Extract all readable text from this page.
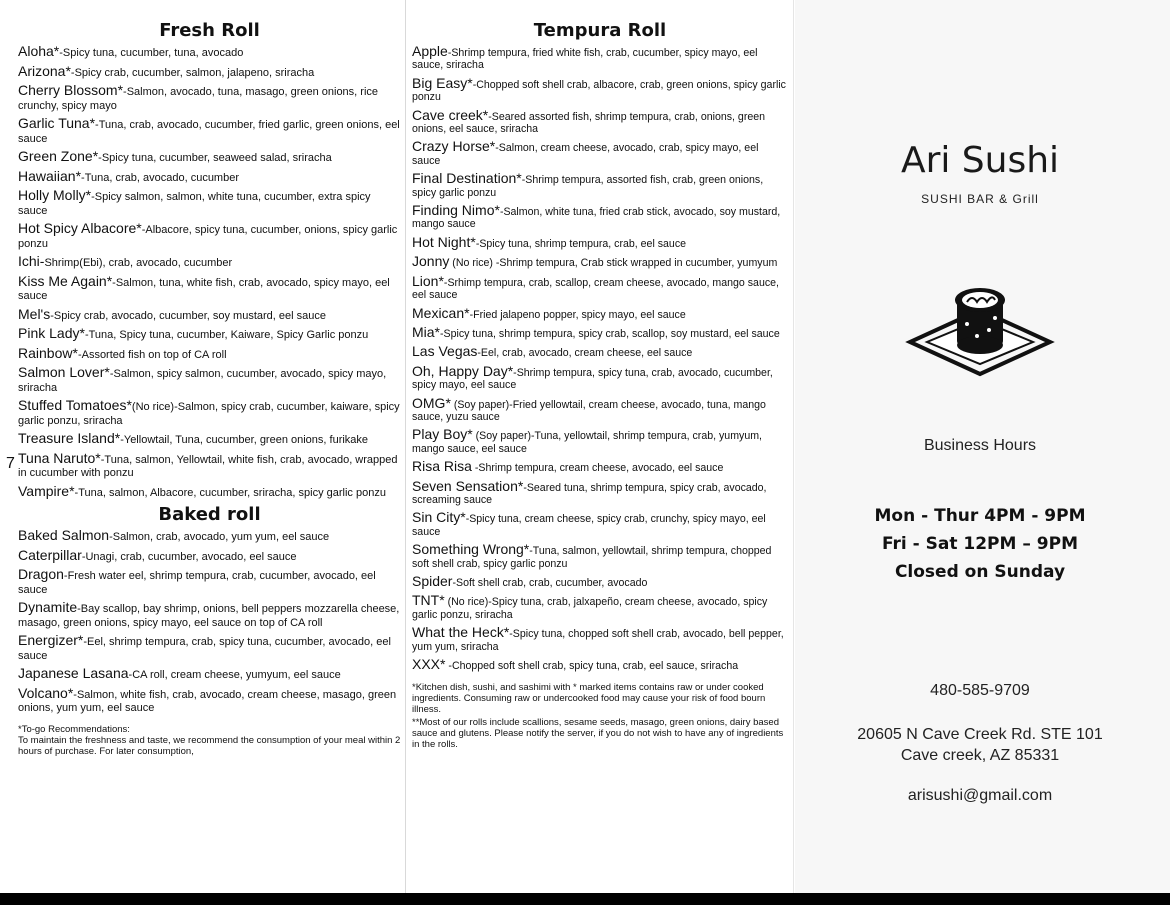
7
Fresh Roll
Aloha*-Spicy tuna, cucumber, tuna, avocado
Arizona*-Spicy crab, cucumber, salmon, jalapeno, sriracha
Cherry Blossom*-Salmon, avocado, tuna, masago, green onions, rice crunchy, spicy mayo
Garlic Tuna*-Tuna, crab, avocado, cucumber, fried garlic, green onions, eel sauce
Green Zone*-Spicy tuna, cucumber, seaweed salad, sriracha
Hawaiian*-Tuna, crab, avocado, cucumber
Holly Molly*-Spicy salmon, salmon, white tuna, cucumber, extra spicy sauce
Hot Spicy Albacore*-Albacore, spicy tuna, cucumber, onions, spicy garlic ponzu
Ichi-Shrimp(Ebi), crab, avocado, cucumber
Kiss Me Again*-Salmon, tuna, white fish, crab, avocado, spicy mayo, eel sauce
Mel's-Spicy crab, avocado, cucumber, soy mustard, eel sauce
Pink Lady*-Tuna, Spicy tuna, cucumber, Kaiware, Spicy Garlic ponzu
Rainbow*-Assorted fish on top of CA roll
Salmon Lover*-Salmon, spicy salmon, cucumber, avocado, spicy mayo, sriracha
Stuffed Tomatoes*(No rice)-Salmon, spicy crab, cucumber, kaiware, spicy garlic ponzu, sriracha
Treasure Island*-Yellowtail, Tuna, cucumber, green onions, furikake
Tuna Naruto*-Tuna, salmon, Yellowtail, white fish, crab, avocado, wrapped in cucumber with ponzu
Vampire*-Tuna, salmon, Albacore, cucumber, sriracha, spicy garlic ponzu
Baked roll
Baked Salmon-Salmon, crab, avocado, yum yum, eel sauce
Caterpillar-Unagi, crab, cucumber, avocado, eel sauce
Dragon-Fresh water eel, shrimp tempura, crab, cucumber, avocado, eel sauce
Dynamite-Bay scallop, bay shrimp, onions, bell peppers mozzarella cheese, masago, green onions, spicy mayo, eel sauce on top of CA roll
Energizer*-Eel, shrimp tempura, crab, spicy tuna, cucumber, avocado, eel sauce
Japanese Lasana-CA roll, cream cheese, yumyum, eel sauce
Volcano*-Salmon, white fish, crab, avocado, cream cheese, masago, green onions, yum yum, eel sauce

*To-go Recommendations:

To maintain the freshness and taste, we recommend the consumption of your meal within 2 hours of purchase. For later consumption,

Tempura Roll
Apple-Shrimp tempura, fried white fish, crab, cucumber, spicy mayo, eel sauce, sriracha
Big Easy*-Chopped soft shell crab, albacore, crab, green onions, spicy garlic ponzu
Cave creek*-Seared assorted fish, shrimp tempura, crab, onions, green onions, eel sauce, sriracha
Crazy Horse*-Salmon, cream cheese, avocado, crab, spicy mayo, eel sauce
Final Destination*-Shrimp tempura, assorted fish, crab, green onions, spicy garlic ponzu
Finding Nimo*-Salmon, white tuna, fried crab stick, avocado, soy mustard, mango sauce
Hot Night*-Spicy tuna, shrimp tempura, crab, eel sauce
Jonny (No rice) -Shrimp tempura, Crab stick wrapped in cucumber, yumyum
Lion*-Srhimp tempura, crab, scallop, cream cheese, avocado, mango sauce, eel sauce
Mexican*-Fried jalapeno popper, spicy mayo, eel sauce
Mia*-Spicy tuna, shrimp tempura, spicy crab, scallop, soy mustard, eel sauce
Las Vegas-Eel, crab, avocado, cream cheese, eel sauce
Oh, Happy Day*-Shrimp tempura, spicy tuna, crab, avocado, cucumber, spicy mayo, eel sauce
OMG* (Soy paper)-Fried yellowtail, cream cheese, avocado, tuna, mango sauce, yuzu sauce
Play Boy* (Soy paper)-Tuna, yellowtail, shrimp tempura, crab, yumyum, mango sauce, eel sauce
Risa Risa -Shrimp tempura, cream cheese, avocado, eel sauce
Seven Sensation*-Seared tuna, shrimp tempura, spicy crab, avocado, screaming sauce
Sin City*-Spicy tuna, cream cheese, spicy crab, crunchy, spicy mayo, eel sauce
Something Wrong*-Tuna, salmon, yellowtail, shrimp tempura, chopped soft shell crab, spicy garlic ponzu
Spider-Soft shell crab, crab, cucumber, avocado
TNT* (No rice)-Spicy tuna, crab, jalxapeño, cream cheese, avocado, spicy garlic ponzu, sriracha
What the Heck*-Spicy tuna, chopped soft shell crab, avocado, bell pepper, yum yum, sriracha
XXX* -Chopped soft shell crab, spicy tuna, crab, eel sauce, sriracha

*Kitchen dish, sushi, and sashimi with * marked items contains raw or under cooked ingredients. Consuming raw or undercooked food may cause your risk of food bourn illness.

**Most of our rolls include scallions, sesame seeds, masago, green onions, dairy based sauce and glutens. Please notify the server, if you do not wish to have any of ingredients in the rolls.

Ari Sushi
SUSHI BAR & Grill
Business Hours
Mon - Thur 4PM - 9PM
Fri - Sat 12PM – 9PM
Closed on Sunday
480-585-9709
20605 N Cave Creek Rd. STE 101
Cave creek, AZ 85331
arisushi@gmail.com
